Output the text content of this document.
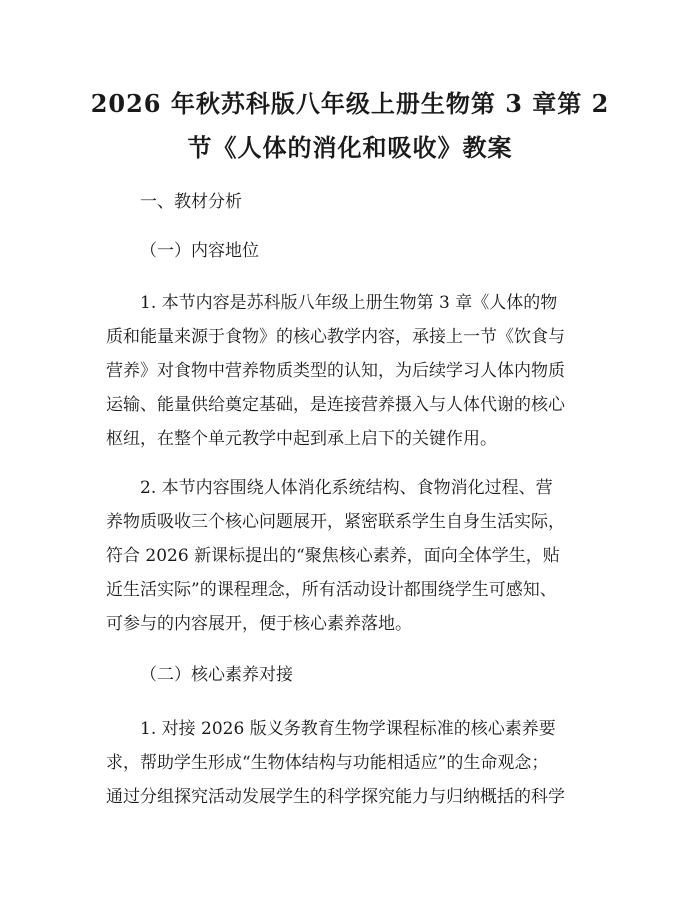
2026 年秋苏科版八年级上册生物第 3 章第 2
节《人体的消化和吸收》教案

一、教材分析

（一）内容地位

1. 本节内容是苏科版八年级上册生物第 3 章《人体的物
质和能量来源于食物》的核心教学内容，承接上一节《饮食与
营养》对食物中营养物质类型的认知，为后续学习人体内物质
运输、能量供给奠定基础，是连接营养摄入与人体代谢的核心
枢纽，在整个单元教学中起到承上启下的关键作用。
2. 本节内容围绕人体消化系统结构、食物消化过程、营
养物质吸收三个核心问题展开，紧密联系学生自身生活实际，
符合 2026 新课标提出的“聚焦核心素养，面向全体学生，贴
近生活实际”的课程理念，所有活动设计都围绕学生可感知、
可参与的内容展开，便于核心素养落地。

（二）核心素养对接

1. 对接 2026 版义务教育生物学课程标准的核心素养要
求，帮助学生形成“生物体结构与功能相适应”的生命观念；
通过分组探究活动发展学生的科学探究能力与归纳概括的科学
